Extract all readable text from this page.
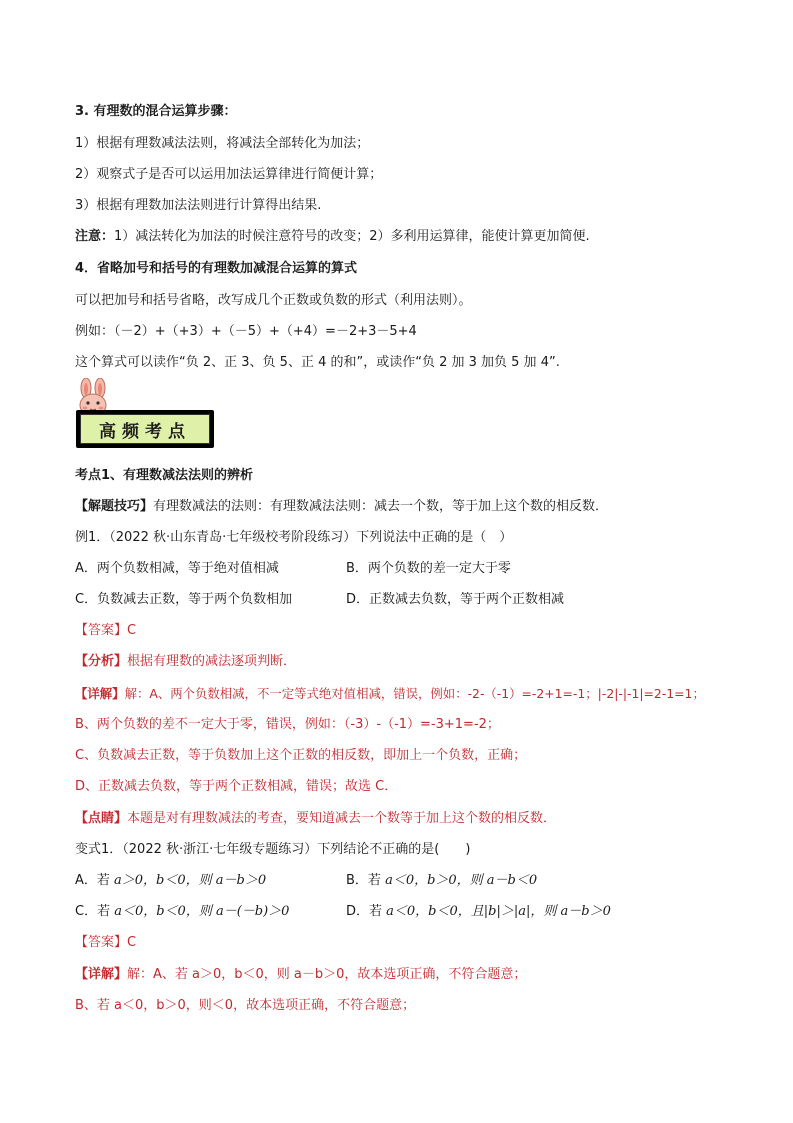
3. 有理数的混合运算步骤：
1）根据有理数减法法则，将减法全部转化为加法；
2）观察式子是否可以运用加法运算律进行简便计算；
3）根据有理数加法法则进行计算得出结果.
注意：1）减法转化为加法的时候注意符号的改变；2）多利用运算律，能使计算更加简便.
4．省略加号和括号的有理数加减混合运算的算式
可以把加号和括号省略，改写成几个正数或负数的形式（利用法则）。
例如：（－2）+（+3）+（－5）+（+4）=－2+3－5+4
这个算式可以读作“负 2、正 3、负 5、正 4 的和”，或读作“负 2 加 3 加负 5 加 4”.
高频考点
考点1、有理数减法法则的辨析
【解题技巧】有理数减法的法则：有理数减法法则：减去一个数，等于加上这个数的相反数．
例1．（2022 秋·山东青岛·七年级校考阶段练习）下列说法中正确的是（　）
A．两个负数相减，等于绝对值相减	B．两个负数的差一定大于零
C．负数减去正数，等于两个负数相加	D．正数减去负数，等于两个正数相减
【答案】C
【分析】根据有理数的减法逐项判断．
【详解】解：A、两个负数相减，不一定等式绝对值相减，错误，例如：-2-（-1）=-2+1=-1；|-2|-|-1|=2-1=1；
B、两个负数的差不一定大于零，错误，例如：（-3）-（-1）=-3+1=-2；
C、负数减去正数，等于负数加上这个正数的相反数，即加上一个负数，正确；
D、正数减去负数，等于两个正数相减，错误；故选 C．
【点睛】本题是对有理数减法的考查，要知道减去一个数等于加上这个数的相反数．
变式1．（2022 秋·浙江·七年级专题练习）下列结论不正确的是(　　)
A．若 a＞0，b＜0，则 a－b＞0	B．若 a＜0，b＞0，则 a－b＜0
C．若 a＜0，b＜0，则 a－(－b)＞0	D．若 a＜0，b＜0，且|b|＞|a|，则 a－b＞0
【答案】C
【详解】解：A、若 a＞0，b＜0，则 a－b＞0，故本选项正确，不符合题意；
B、若 a＜0，b＞0，则＜0，故本选项正确，不符合题意；
